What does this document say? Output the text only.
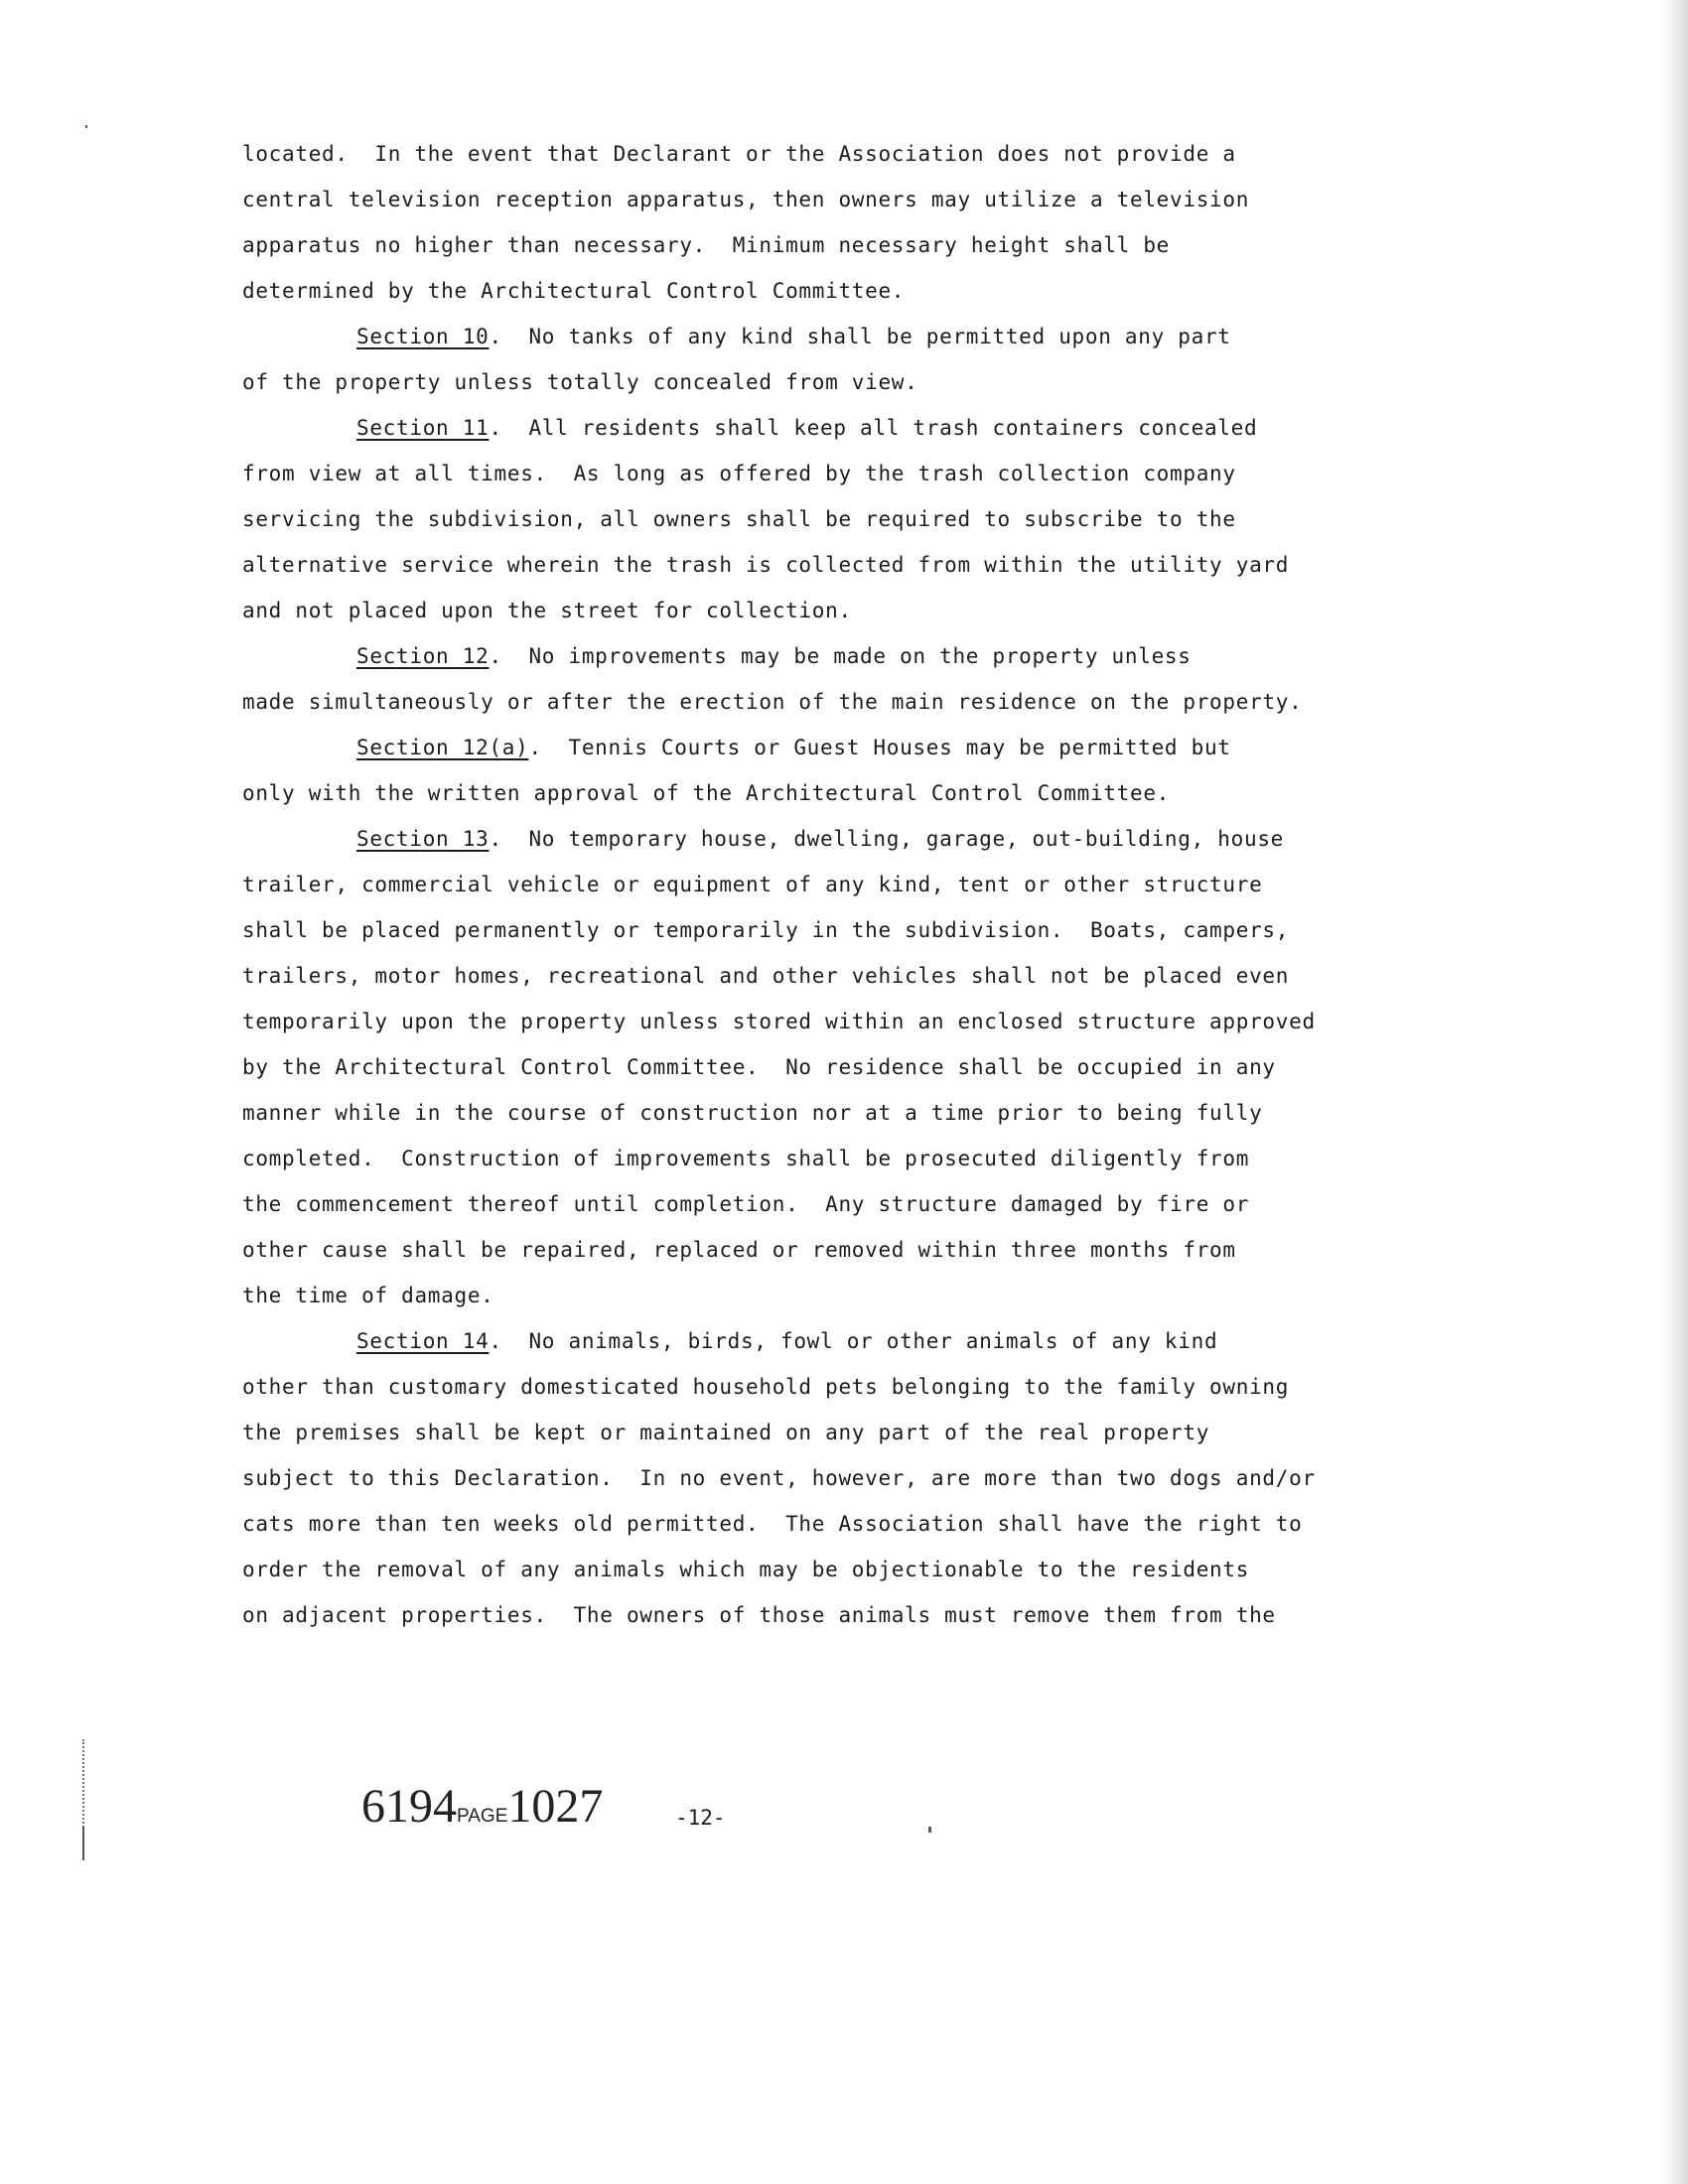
located.  In the event that Declarant or the Association does not provide a
central television reception apparatus, then owners may utilize a television
apparatus no higher than necessary.  Minimum necessary height shall be
determined by the Architectural Control Committee.
Section 10.  No tanks of any kind shall be permitted upon any part
of the property unless totally concealed from view.
Section 11.  All residents shall keep all trash containers concealed
from view at all times.  As long as offered by the trash collection company
servicing the subdivision, all owners shall be required to subscribe to the
alternative service wherein the trash is collected from within the utility yard
and not placed upon the street for collection.
Section 12.  No improvements may be made on the property unless
made simultaneously or after the erection of the main residence on the property.
Section 12(a).  Tennis Courts or Guest Houses may be permitted but
only with the written approval of the Architectural Control Committee.
Section 13.  No temporary house, dwelling, garage, out-building, house
trailer, commercial vehicle or equipment of any kind, tent or other structure
shall be placed permanently or temporarily in the subdivision.  Boats, campers,
trailers, motor homes, recreational and other vehicles shall not be placed even
temporarily upon the property unless stored within an enclosed structure approved
by the Architectural Control Committee.  No residence shall be occupied in any
manner while in the course of construction nor at a time prior to being fully
completed.  Construction of improvements shall be prosecuted diligently from
the commencement thereof until completion.  Any structure damaged by fire or
other cause shall be repaired, replaced or removed within three months from
the time of damage.
Section 14.  No animals, birds, fowl or other animals of any kind
other than customary domesticated household pets belonging to the family owning
the premises shall be kept or maintained on any part of the real property
subject to this Declaration.  In no event, however, are more than two dogs and/or
cats more than ten weeks old permitted.  The Association shall have the right to
order the removal of any animals which may be objectionable to the residents
on adjacent properties.  The owners of those animals must remove them from the
6194PAGE1027	-12-
